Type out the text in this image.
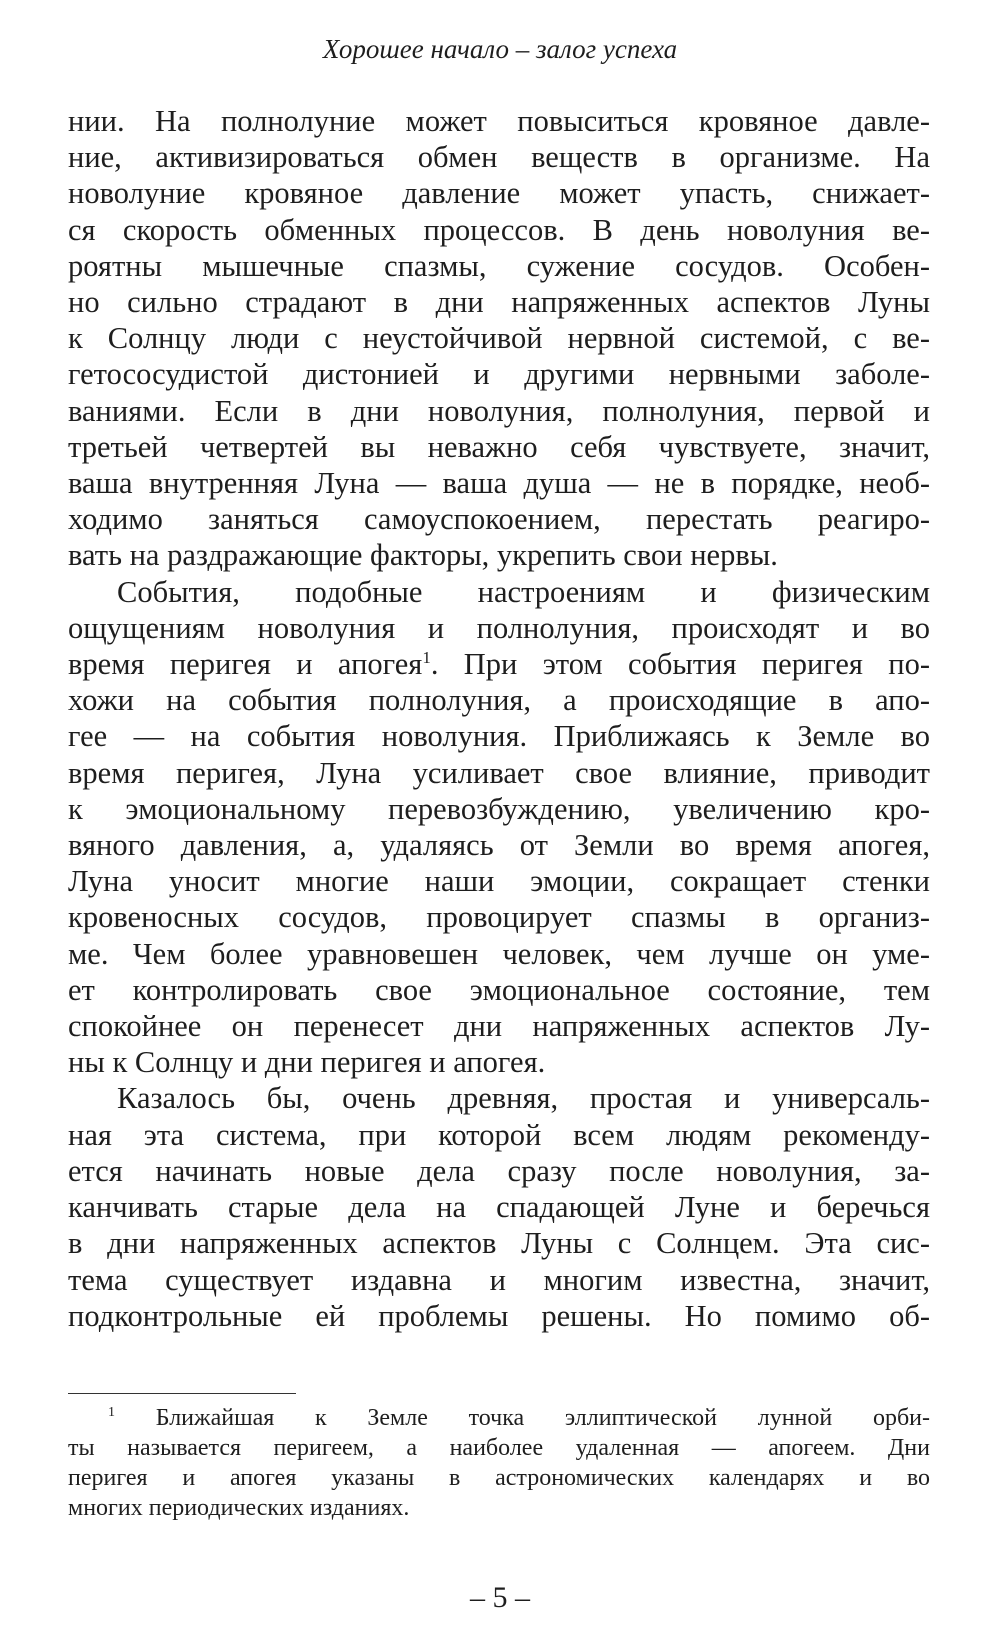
Хорошее начало – залог успеха
нии. На полнолуние может повыситься кровяное давле-
ние, активизироваться обмен веществ в организме. На
новолуние кровяное давление может упасть, снижает-
ся скорость обменных процессов. В день новолуния ве-
роятны мышечные спазмы, сужение сосудов. Особен-
но сильно страдают в дни напряженных аспектов Луны
к Солнцу люди с неустойчивой нервной системой, с ве-
гетососудистой дистонией и другими нервными заболе-
ваниями. Если в дни новолуния, полнолуния, первой и
третьей четвертей вы неважно себя чувствуете, значит,
ваша внутренняя Луна — ваша душа — не в порядке, необ-
ходимо заняться самоуспокоением, перестать реагиро-
вать на раздражающие факторы, укрепить свои нервы.
События, подобные настроениям и физическим
ощущениям новолуния и полнолуния, происходят и во
время перигея и апогея$^1$. При этом события перигея по-
хожи на события полнолуния, а происходящие в апо-
гее — на события новолуния. Приближаясь к Земле во
время перигея, Луна усиливает свое влияние, приводит
к эмоциональному перевозбуждению, увеличению кро-
вяного давления, а, удаляясь от Земли во время апогея,
Луна уносит многие наши эмоции, сокращает стенки
кровеносных сосудов, провоцирует спазмы в организ-
ме. Чем более уравновешен человек, чем лучше он уме-
ет контролировать свое эмоциональное состояние, тем
спокойнее он перенесет дни напряженных аспектов Лу-
ны к Солнцу и дни перигея и апогея.
Казалось бы, очень древняя, простая и универсаль-
ная эта система, при которой всем людям рекоменду-
ется начинать новые дела сразу после новолуния, за-
канчивать старые дела на спадающей Луне и беречься
в дни напряженных аспектов Луны с Солнцем. Эта сис-
тема существует издавна и многим известна, значит,
подконтрольные ей проблемы решены. Но помимо об-
$^1$ Ближайшая к Земле точка эллиптической лунной орби-
ты называется перигеем, а наиболее удаленная — апогеем. Дни
перигея и апогея указаны в астрономических календарях и во
многих периодических изданиях.
– 5 –
